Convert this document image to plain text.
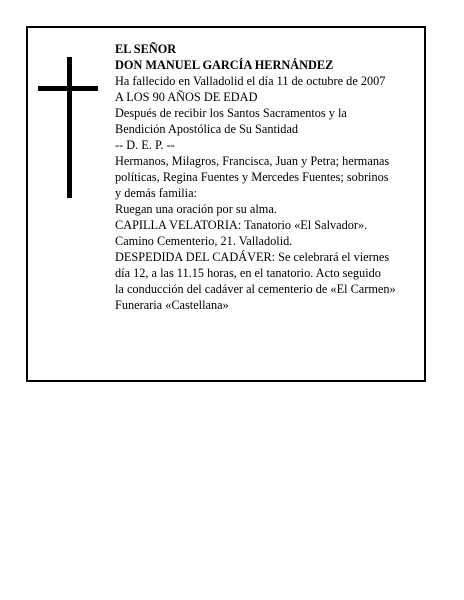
EL SEÑOR
DON MANUEL GARCÍA HERNÁNDEZ
Ha fallecido en Valladolid el día 11 de octubre de 2007
A LOS 90 AÑOS DE EDAD
Después de recibir los Santos Sacramentos y la
Bendición Apostólica de Su Santidad
-- D. E. P. --
Hermanos, Milagros, Francisca, Juan y Petra; hermanas
políticas, Regina Fuentes y Mercedes Fuentes; sobrinos
y demás familia:
Ruegan una oración por su alma.
CAPILLA VELATORIA: Tanatorio «El Salvador».
Camino Cementerio, 21. Valladolid.
DESPEDIDA DEL CADÁVER: Se celebrará el viernes
día 12, a las 11.15 horas, en el tanatorio. Acto seguido
la conducción del cadáver al cementerio de «El Carmen»
Funeraria «Castellana»
